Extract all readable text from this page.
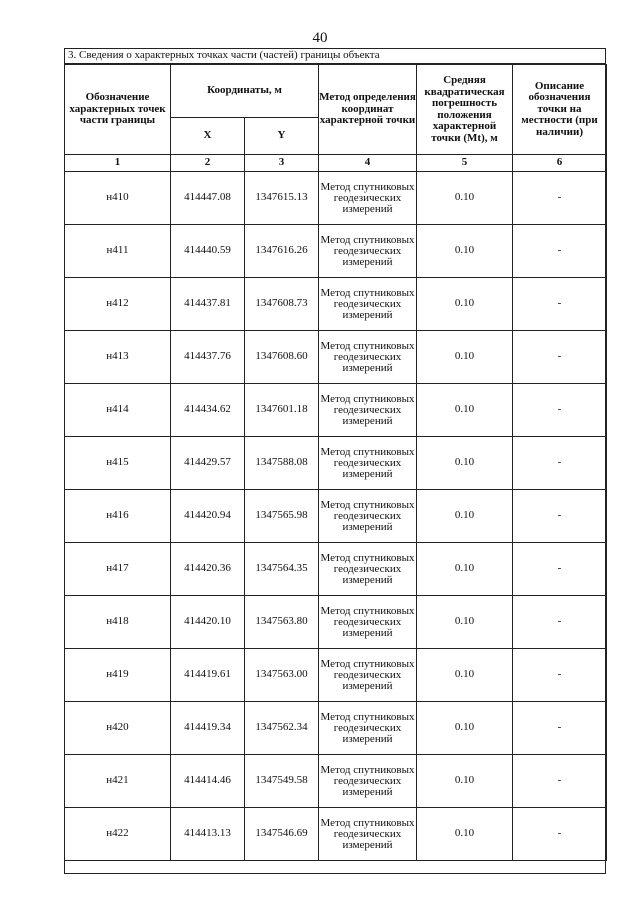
40
3. Сведения о характерных точках части (частей) границы объекта
Обозначение характерных точек части границы	Координаты, м		Метод определения координат характерной точки	Средняя квадратическая погрешность положения характерной точки (Mt), м	Описание обозначения точки на местности (при наличии)
	X	Y			
1	2	3	4	5	6
н410	414447.08	1347615.13	Метод спутниковых геодезических измерений	0.10	-
н411	414440.59	1347616.26	Метод спутниковых геодезических измерений	0.10	-
н412	414437.81	1347608.73	Метод спутниковых геодезических измерений	0.10	-
н413	414437.76	1347608.60	Метод спутниковых геодезических измерений	0.10	-
н414	414434.62	1347601.18	Метод спутниковых геодезических измерений	0.10	-
н415	414429.57	1347588.08	Метод спутниковых геодезических измерений	0.10	-
н416	414420.94	1347565.98	Метод спутниковых геодезических измерений	0.10	-
н417	414420.36	1347564.35	Метод спутниковых геодезических измерений	0.10	-
н418	414420.10	1347563.80	Метод спутниковых геодезических измерений	0.10	-
н419	414419.61	1347563.00	Метод спутниковых геодезических измерений	0.10	-
н420	414419.34	1347562.34	Метод спутниковых геодезических измерений	0.10	-
н421	414414.46	1347549.58	Метод спутниковых геодезических измерений	0.10	-
н422	414413.13	1347546.69	Метод спутниковых геодезических измерений	0.10	-
